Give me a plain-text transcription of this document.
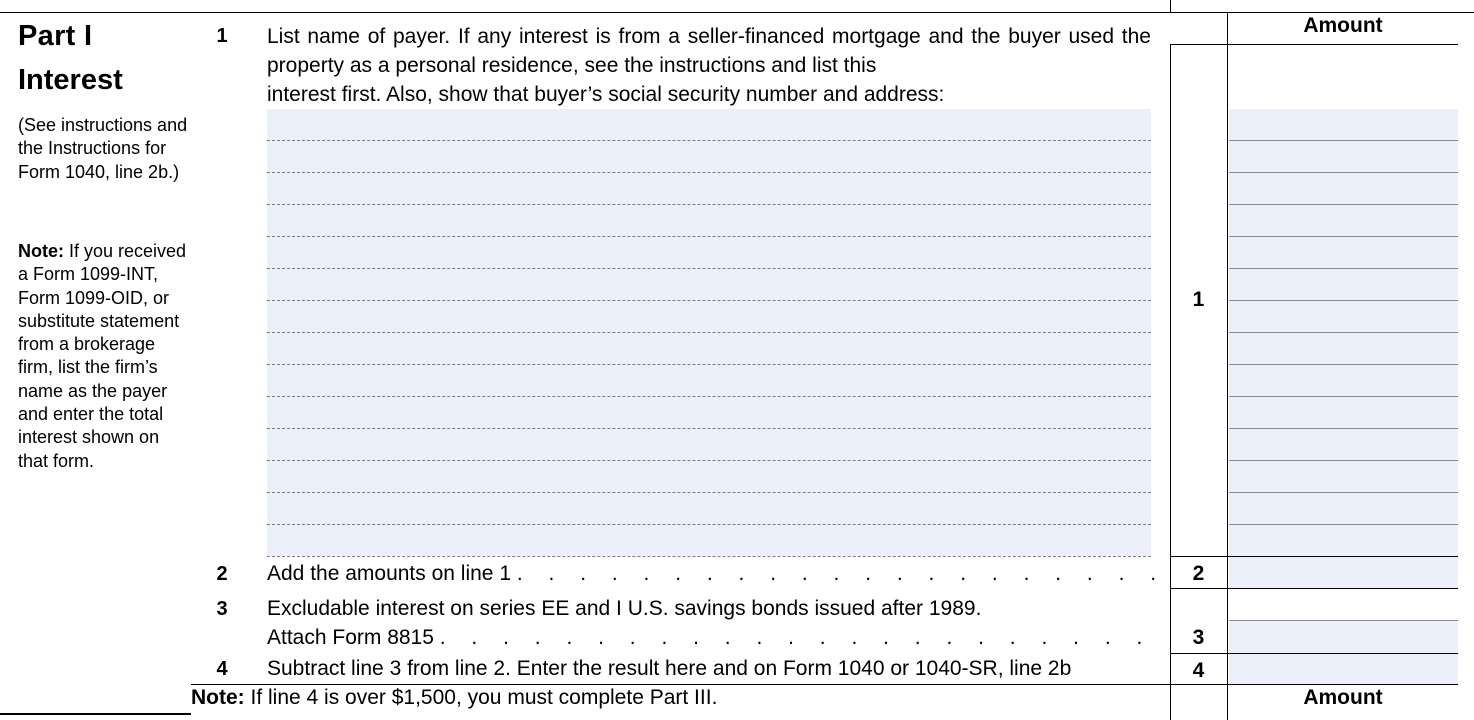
Part I
Interest
(See instructions and the Instructions for Form 1040, line 2b.)
Note: If you received a Form 1099-INT, Form 1099-OID, or substitute statement from a brokerage firm, list the firm’s name as the payer and enter the total interest shown on that form.
1 List name of payer. If any interest is from a seller-financed mortgage and the buyer used the property as a personal residence, see the instructions and list this
interest first. Also, show that buyer’s social security number and address:
Amount
1
2 Add the amounts on line 1 . . . . . . . . . . . . . . . . . . . . .	2
3 Excludable interest on series EE and I U.S. savings bonds issued after 1989.
Attach Form 8815 . . . . . . . . . . . . . . . . . . . . . . .	3
4 Subtract line 3 from line 2. Enter the result here and on Form 1040 or 1040-SR, line 2b	4
Note: If line 4 is over $1,500, you must complete Part III.	Amount
